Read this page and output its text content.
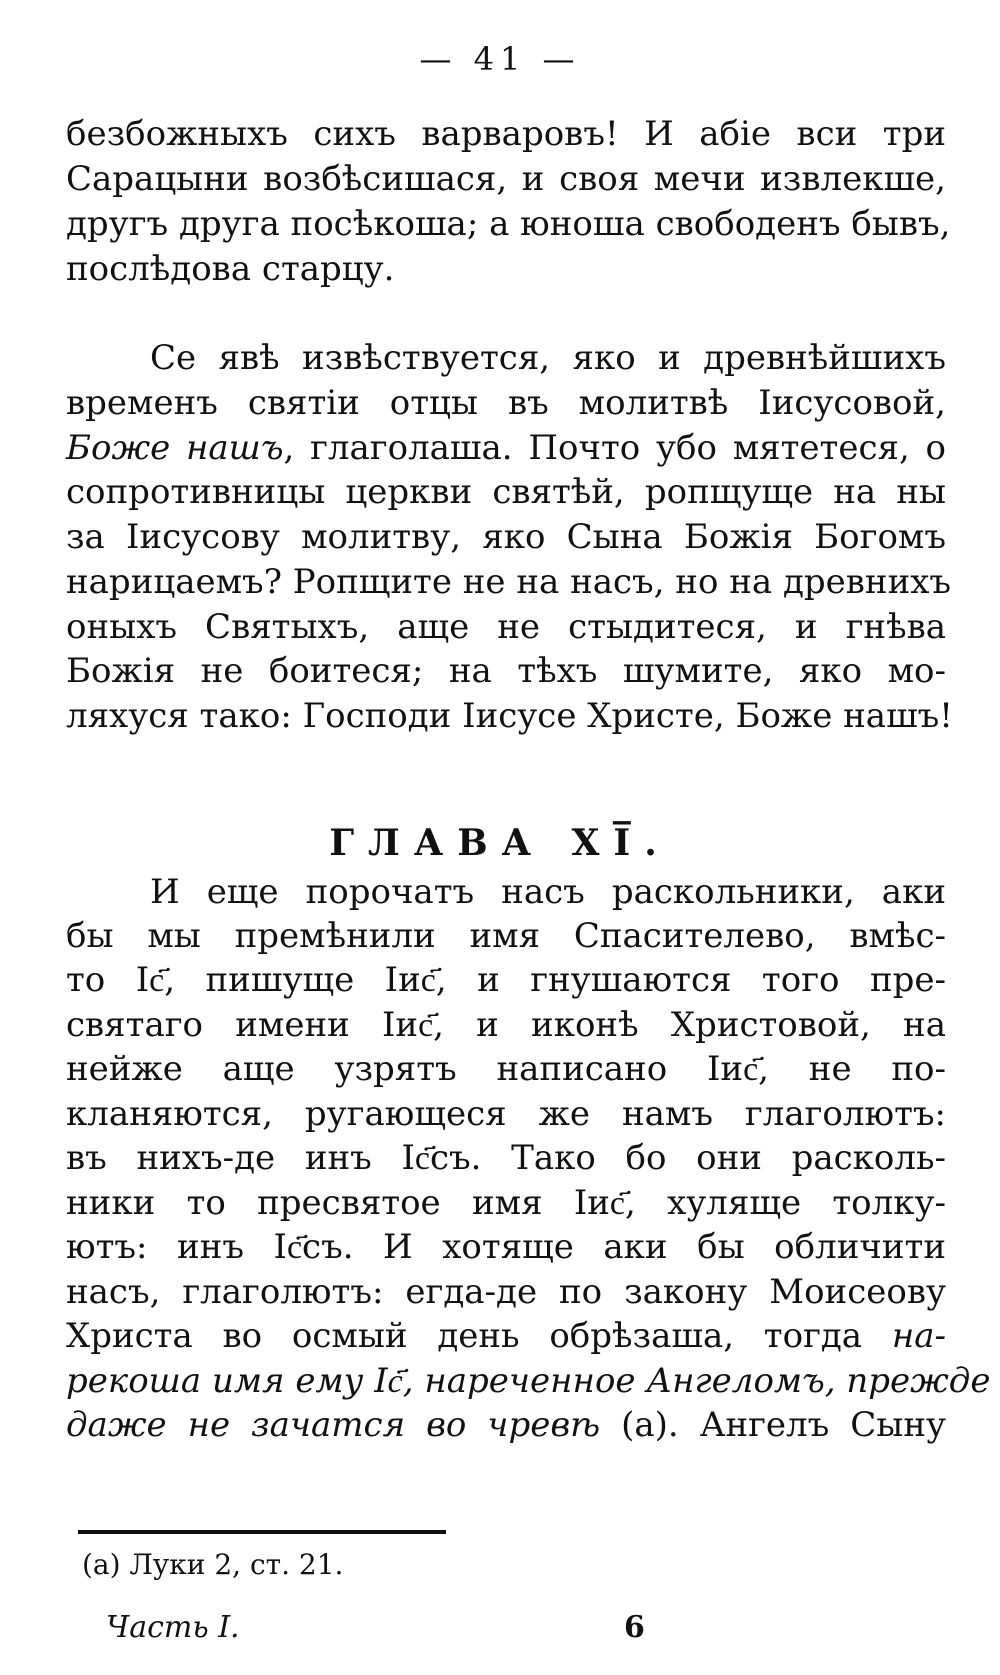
— 41 —
безбожныхъ сихъ варваровъ! И абіе вси три
Сарацыни возбѣсишася, и своя мечи извлекше,
другъ друга посѣкоша; а юноша свободенъ бывъ,
послѣдова старцу.
Се явѣ извѣствуется, яко и древнѣйшихъ
временъ святіи отцы въ молитвѣ Іисусовой,
Боже нашъ, глаголаша. Почто убо мятетеся, о
сопротивницы церкви святѣй, ропщуще на ны
за Іисусову молитву, яко Сына Божія Богомъ
нарицаемъ? Ропщите не на насъ, но на древнихъ
оныхъ Святыхъ, аще не стыдитеся, и гнѣва
Божія не боитеся; на тѣхъ шумите, яко мо-
ляхуся тако: Господи Іисусе Христе, Боже нашъ!
ГЛАВА XI̅.
И еще порочатъ насъ раскольники, аки
бы мы премѣнили имя Спасителево, вмѣс-
то Іс҃, пишуще Іис҃, и гнушаются того пре-
святаго имени Іис҃, и иконѣ Христовой, на
нейже аще узрятъ написано Іис҃, не по-
кланяются, ругающеся же намъ глаголютъ:
въ нихъ-де инъ Іс҃съ. Тако бо они расколь-
ники то пресвятое имя Іис҃, хуляще толку-
ютъ: инъ Іс҃съ. И хотяще аки бы обличити
насъ, глаголютъ: егда-де по закону Моисеову
Христа во осмый день обрѣзаша, тогда на-
рекоша имя ему Іс҃, нареченное Ангеломъ, прежде
даже не зачатся во чревѣ (а). Ангелъ Сыну
(а) Луки 2, ст. 21.
Часть I.	6
